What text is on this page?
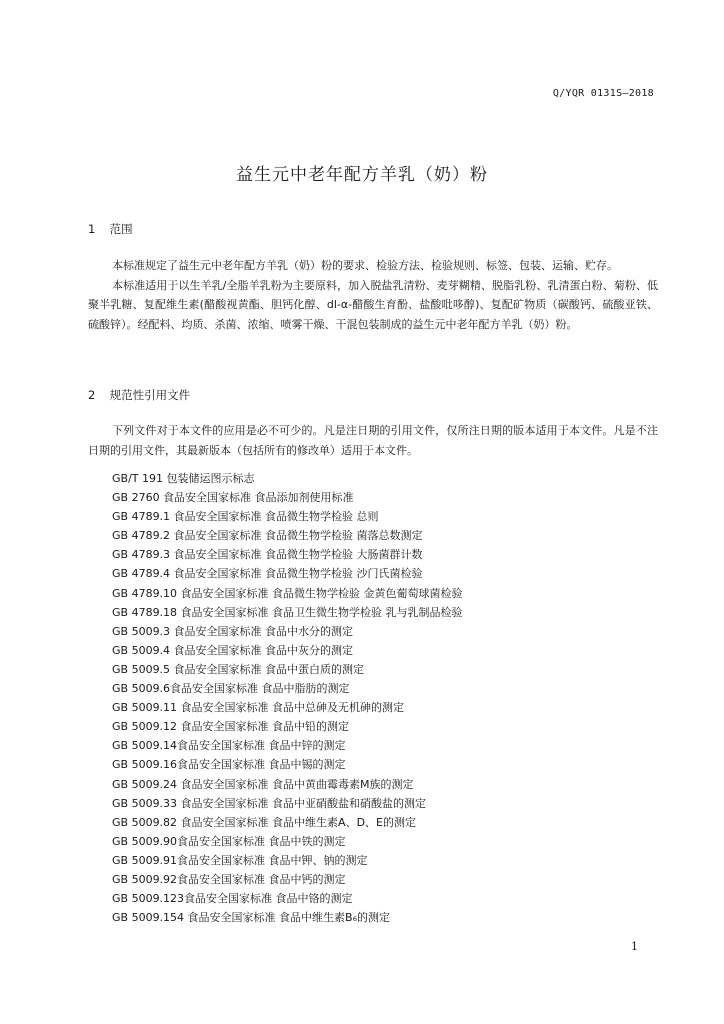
Q/YQR 0131S—2018
益生元中老年配方羊乳（奶）粉
1 范围

本标准规定了益生元中老年配方羊乳（奶）粉的要求、检验方法、检验规则、标签、包装、运输、贮存。

本标准适用于以生羊乳/全脂羊乳粉为主要原料，加入脱盐乳清粉、麦芽糊精、脱脂乳粉、乳清蛋白粉、菊粉、低聚半乳糖、复配维生素(醋酸视黄酯、胆钙化醇、dl-α-醋酸生育酚、盐酸吡哆醇)、复配矿物质（碳酸钙、硫酸亚铁、硫酸锌）。经配料、均质、杀菌、浓缩、喷雾干燥、干混包装制成的益生元中老年配方羊乳（奶）粉。

2 规范性引用文件

下列文件对于本文件的应用是必不可少的。凡是注日期的引用文件，仅所注日期的版本适用于本文件。凡是不注日期的引用文件，其最新版本（包括所有的修改单）适用于本文件。

GB/T 191 包装储运图示标志
GB 2760 食品安全国家标准 食品添加剂使用标准
GB 4789.1 食品安全国家标准 食品微生物学检验 总则
GB 4789.2 食品安全国家标准 食品微生物学检验 菌落总数测定
GB 4789.3 食品安全国家标准 食品微生物学检验 大肠菌群计数
GB 4789.4 食品安全国家标准 食品微生物学检验 沙门氏菌检验
GB 4789.10 食品安全国家标准 食品微生物学检验 金黄色葡萄球菌检验
GB 4789.18 食品安全国家标准 食品卫生微生物学检验 乳与乳制品检验
GB 5009.3 食品安全国家标准 食品中水分的测定
GB 5009.4 食品安全国家标准 食品中灰分的测定
GB 5009.5 食品安全国家标准 食品中蛋白质的测定
GB 5009.6食品安全国家标准 食品中脂肪的测定
GB 5009.11 食品安全国家标准 食品中总砷及无机砷的测定
GB 5009.12 食品安全国家标准 食品中铅的测定
GB 5009.14食品安全国家标准 食品中锌的测定
GB 5009.16食品安全国家标准 食品中锡的测定
GB 5009.24 食品安全国家标准 食品中黄曲霉毒素M族的测定
GB 5009.33 食品安全国家标准 食品中亚硝酸盐和硝酸盐的测定
GB 5009.82 食品安全国家标准 食品中维生素A、D、E的测定
GB 5009.90食品安全国家标准 食品中铁的测定
GB 5009.91食品安全国家标准 食品中钾、钠的测定
GB 5009.92食品安全国家标准 食品中钙的测定
GB 5009.123食品安全国家标准 食品中铬的测定
GB 5009.154 食品安全国家标准 食品中维生素B₆的测定
1
